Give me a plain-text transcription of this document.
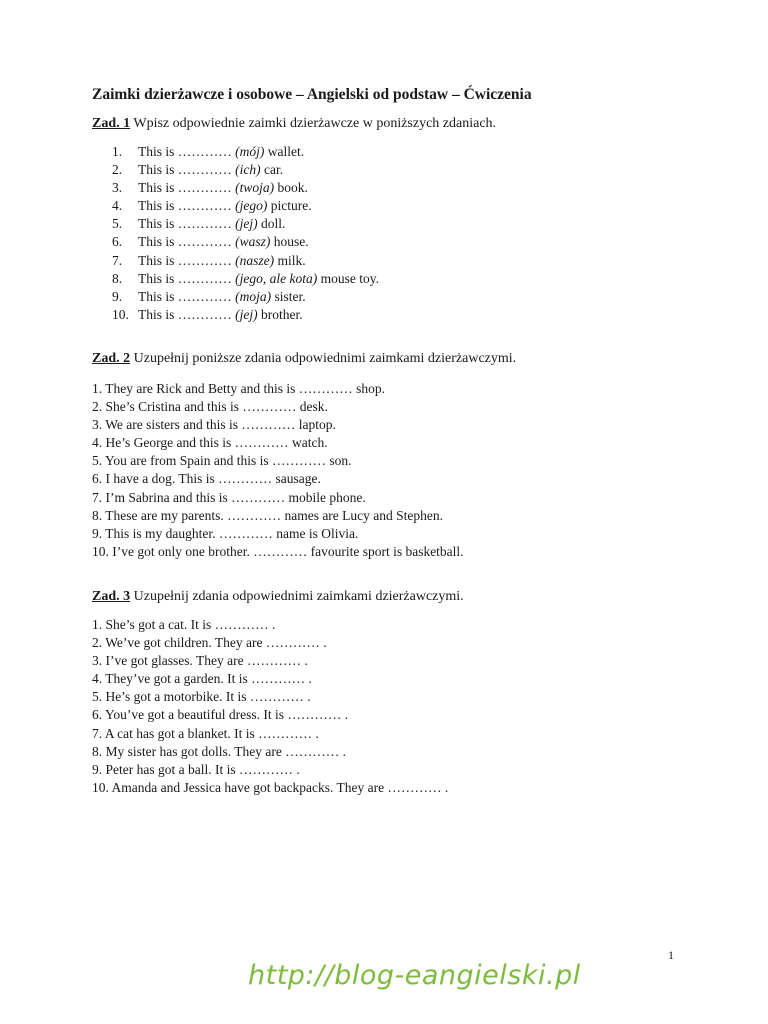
Zaimki dzierżawcze i osobowe – Angielski od podstaw – Ćwiczenia

Zad. 1 Wpisz odpowiednie zaimki dzierżawcze w poniższych zdaniach.

1. This is ………… (mój) wallet.
2. This is ………… (ich) car.
3. This is ………… (twoja) book.
4. This is ………… (jego) picture.
5. This is ………… (jej) doll.
6. This is ………… (wasz) house.
7. This is ………… (nasze) milk.
8. This is ………… (jego, ale kota) mouse toy.
9. This is ………… (moja) sister.
10. This is ………… (jej) brother.

Zad. 2 Uzupełnij poniższe zdania odpowiednimi zaimkami dzierżawczymi.

1. They are Rick and Betty and this is ………… shop.
2. She’s Cristina and this is ………… desk.
3. We are sisters and this is ………… laptop.
4. He’s George and this is ………… watch.
5. You are from Spain and this is ………… son.
6. I have a dog. This is ………… sausage.
7. I’m Sabrina and this is ………… mobile phone.
8. These are my parents. ………… names are Lucy and Stephen.
9. This is my daughter. ………… name is Olivia.
10. I’ve got only one brother. ………… favourite sport is basketball.

Zad. 3 Uzupełnij zdania odpowiednimi zaimkami dzierżawczymi.

1. She’s got a cat. It is ………… .
2. We’ve got children. They are ………… .
3. I’ve got glasses. They are ………… .
4. They’ve got a garden. It is ………… .
5. He’s got a motorbike. It is ………… .
6. You’ve got a beautiful dress. It is ………… .
7. A cat has got a blanket. It is ………… .
8. My sister has got dolls. They are ………… .
9. Peter has got a ball. It is ………… .
10. Amanda and Jessica have got backpacks. They are ………… .
http://blog-eangielski.pl
1
